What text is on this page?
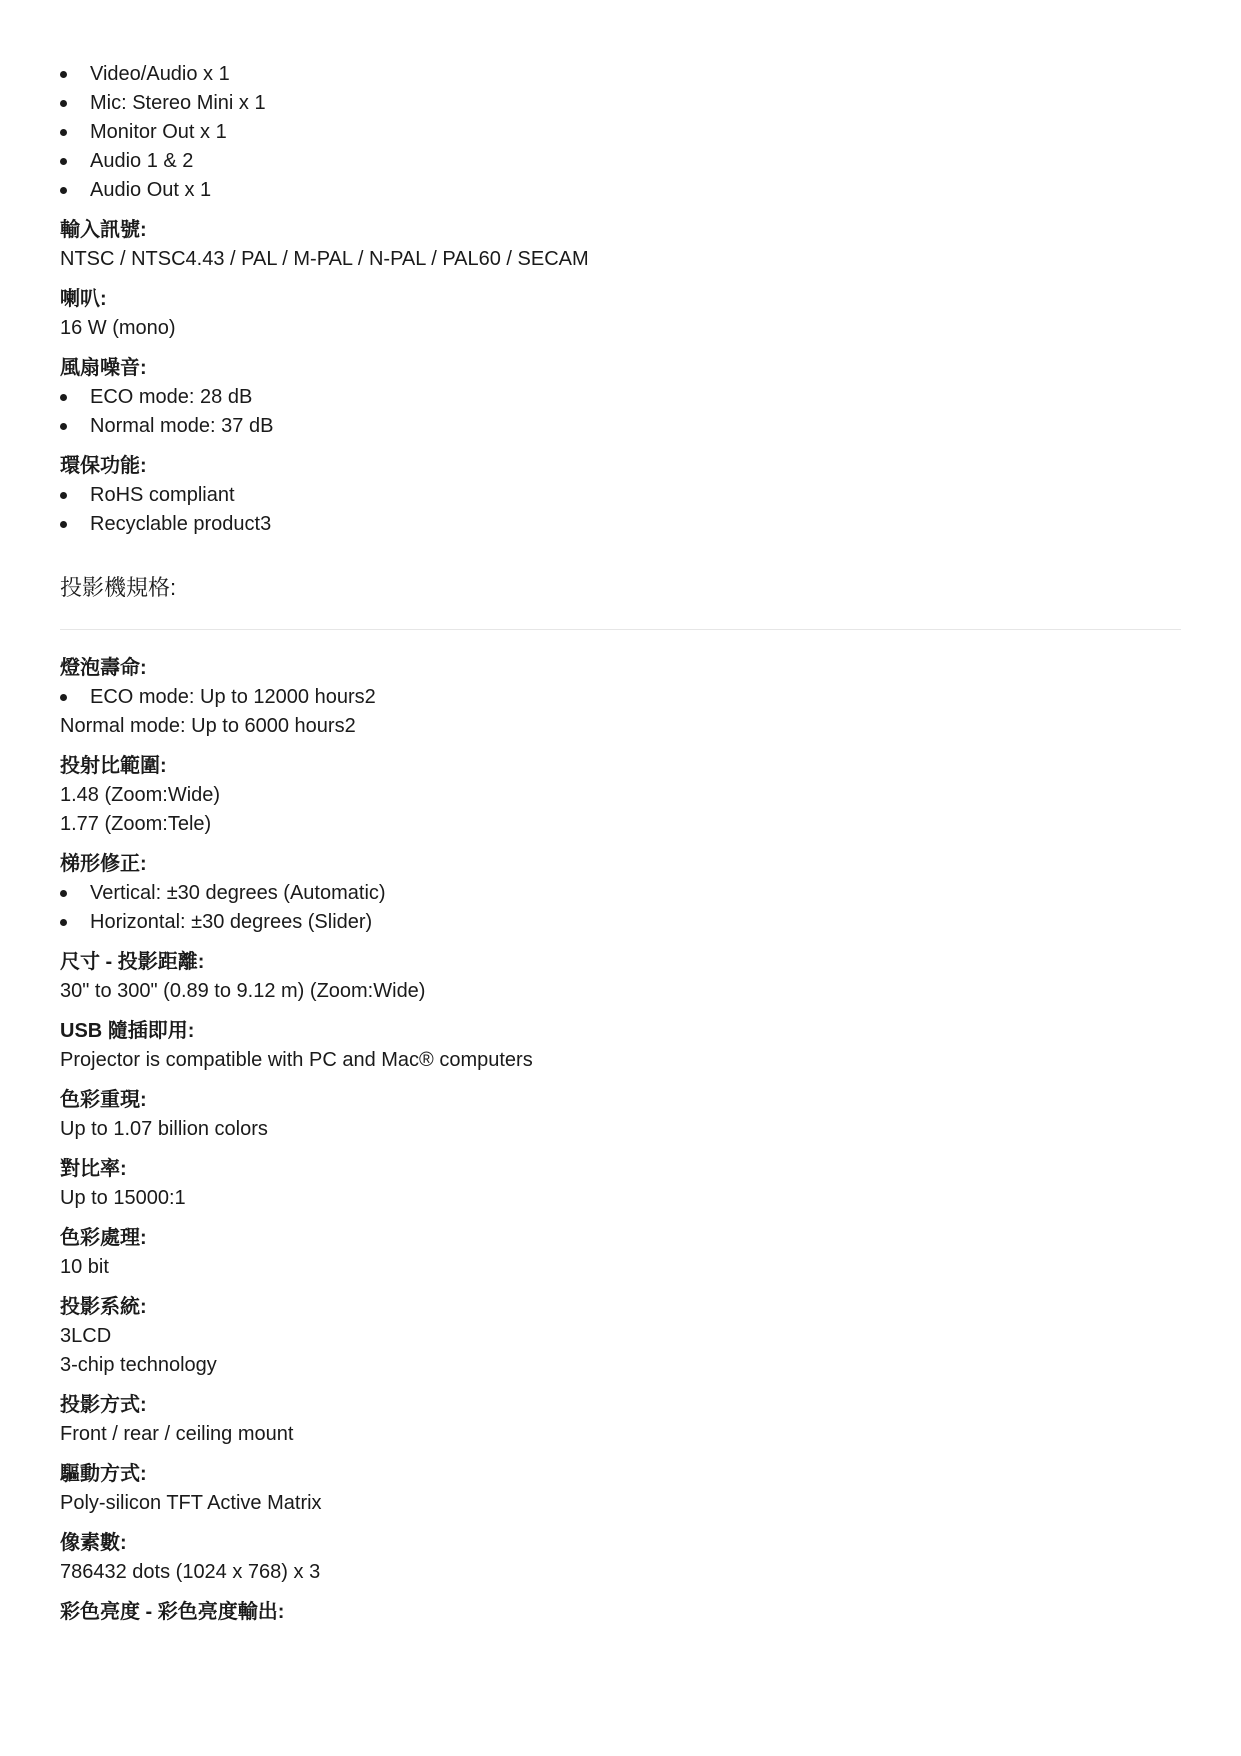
Video/Audio x 1
Mic: Stereo Mini x 1
Monitor Out x 1
Audio 1 & 2
Audio Out x 1
輸入訊號:
NTSC / NTSC4.43 / PAL / M-PAL / N-PAL / PAL60 / SECAM
喇叭:
16 W (mono)
風扇噪音:
ECO mode: 28 dB
Normal mode: 37 dB
環保功能:
RoHS compliant
Recyclable product3
投影機規格:
燈泡壽命:
ECO mode: Up to 12000 hours2
Normal mode: Up to 6000 hours2
投射比範圍:
1.48 (Zoom:Wide)
1.77 (Zoom:Tele)
梯形修正:
Vertical: ±30 degrees (Automatic)
Horizontal: ±30 degrees (Slider)
尺寸 - 投影距離:
30" to 300" (0.89 to 9.12 m) (Zoom:Wide)
USB 隨插即用:
Projector is compatible with PC and Mac® computers
色彩重現:
Up to 1.07 billion colors
對比率:
Up to 15000:1
色彩處理:
10 bit
投影系統:
3LCD
3-chip technology
投影方式:
Front / rear / ceiling mount
驅動方式:
Poly-silicon TFT Active Matrix
像素數:
786432 dots (1024 x 768) x 3
彩色亮度 - 彩色亮度輸出:
